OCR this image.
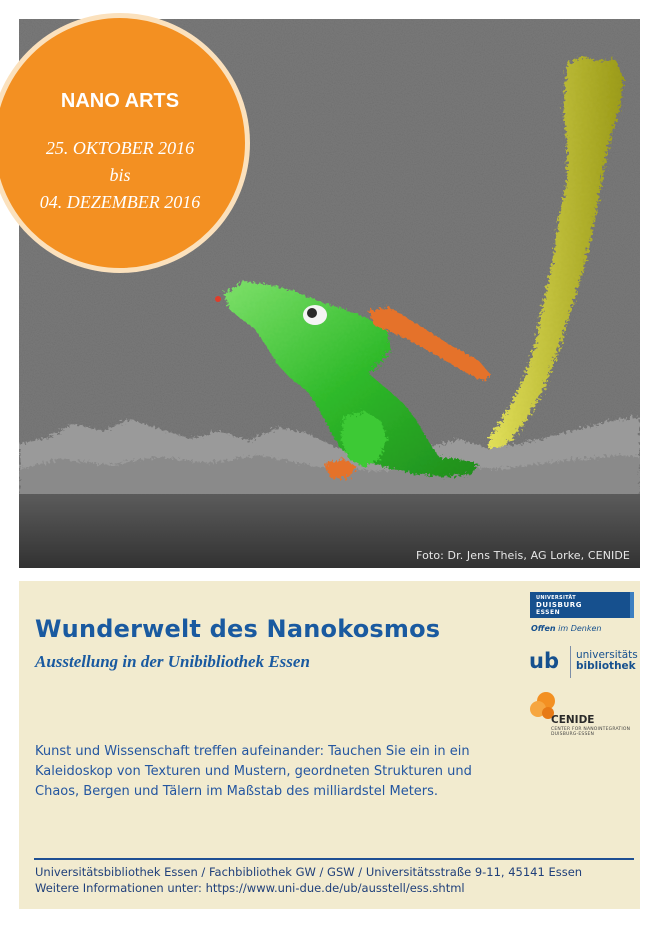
Foto: Dr. Jens Theis, AG Lorke, CENIDE
NANO ARTS
25. OKTOBER 2016
bis
04. DEZEMBER 2016
Wunderwelt des Nanokosmos
Ausstellung in der Unibibliothek Essen

Kunst und Wissenschaft treffen aufeinander: Tauchen Sie ein in ein Kaleidoskop von Texturen und Mustern, geordneten Strukturen und Chaos, Bergen und Tälern im Maßstab des milliardstel Meters.

Universitätsbibliothek Essen / Fachbibliothek GW / GSW / Universitätsstraße 9-11, 45141 Essen
Weitere Informationen unter: https://www.uni-due.de/ub/ausstell/ess.shtml
UNIVERSITÄT
DUISBURG
ESSEN
Offen im Denken
ub universitäts
bibliothek
CENIDE
CENTER FOR NANOINTEGRATION
DUISBURG-ESSEN
